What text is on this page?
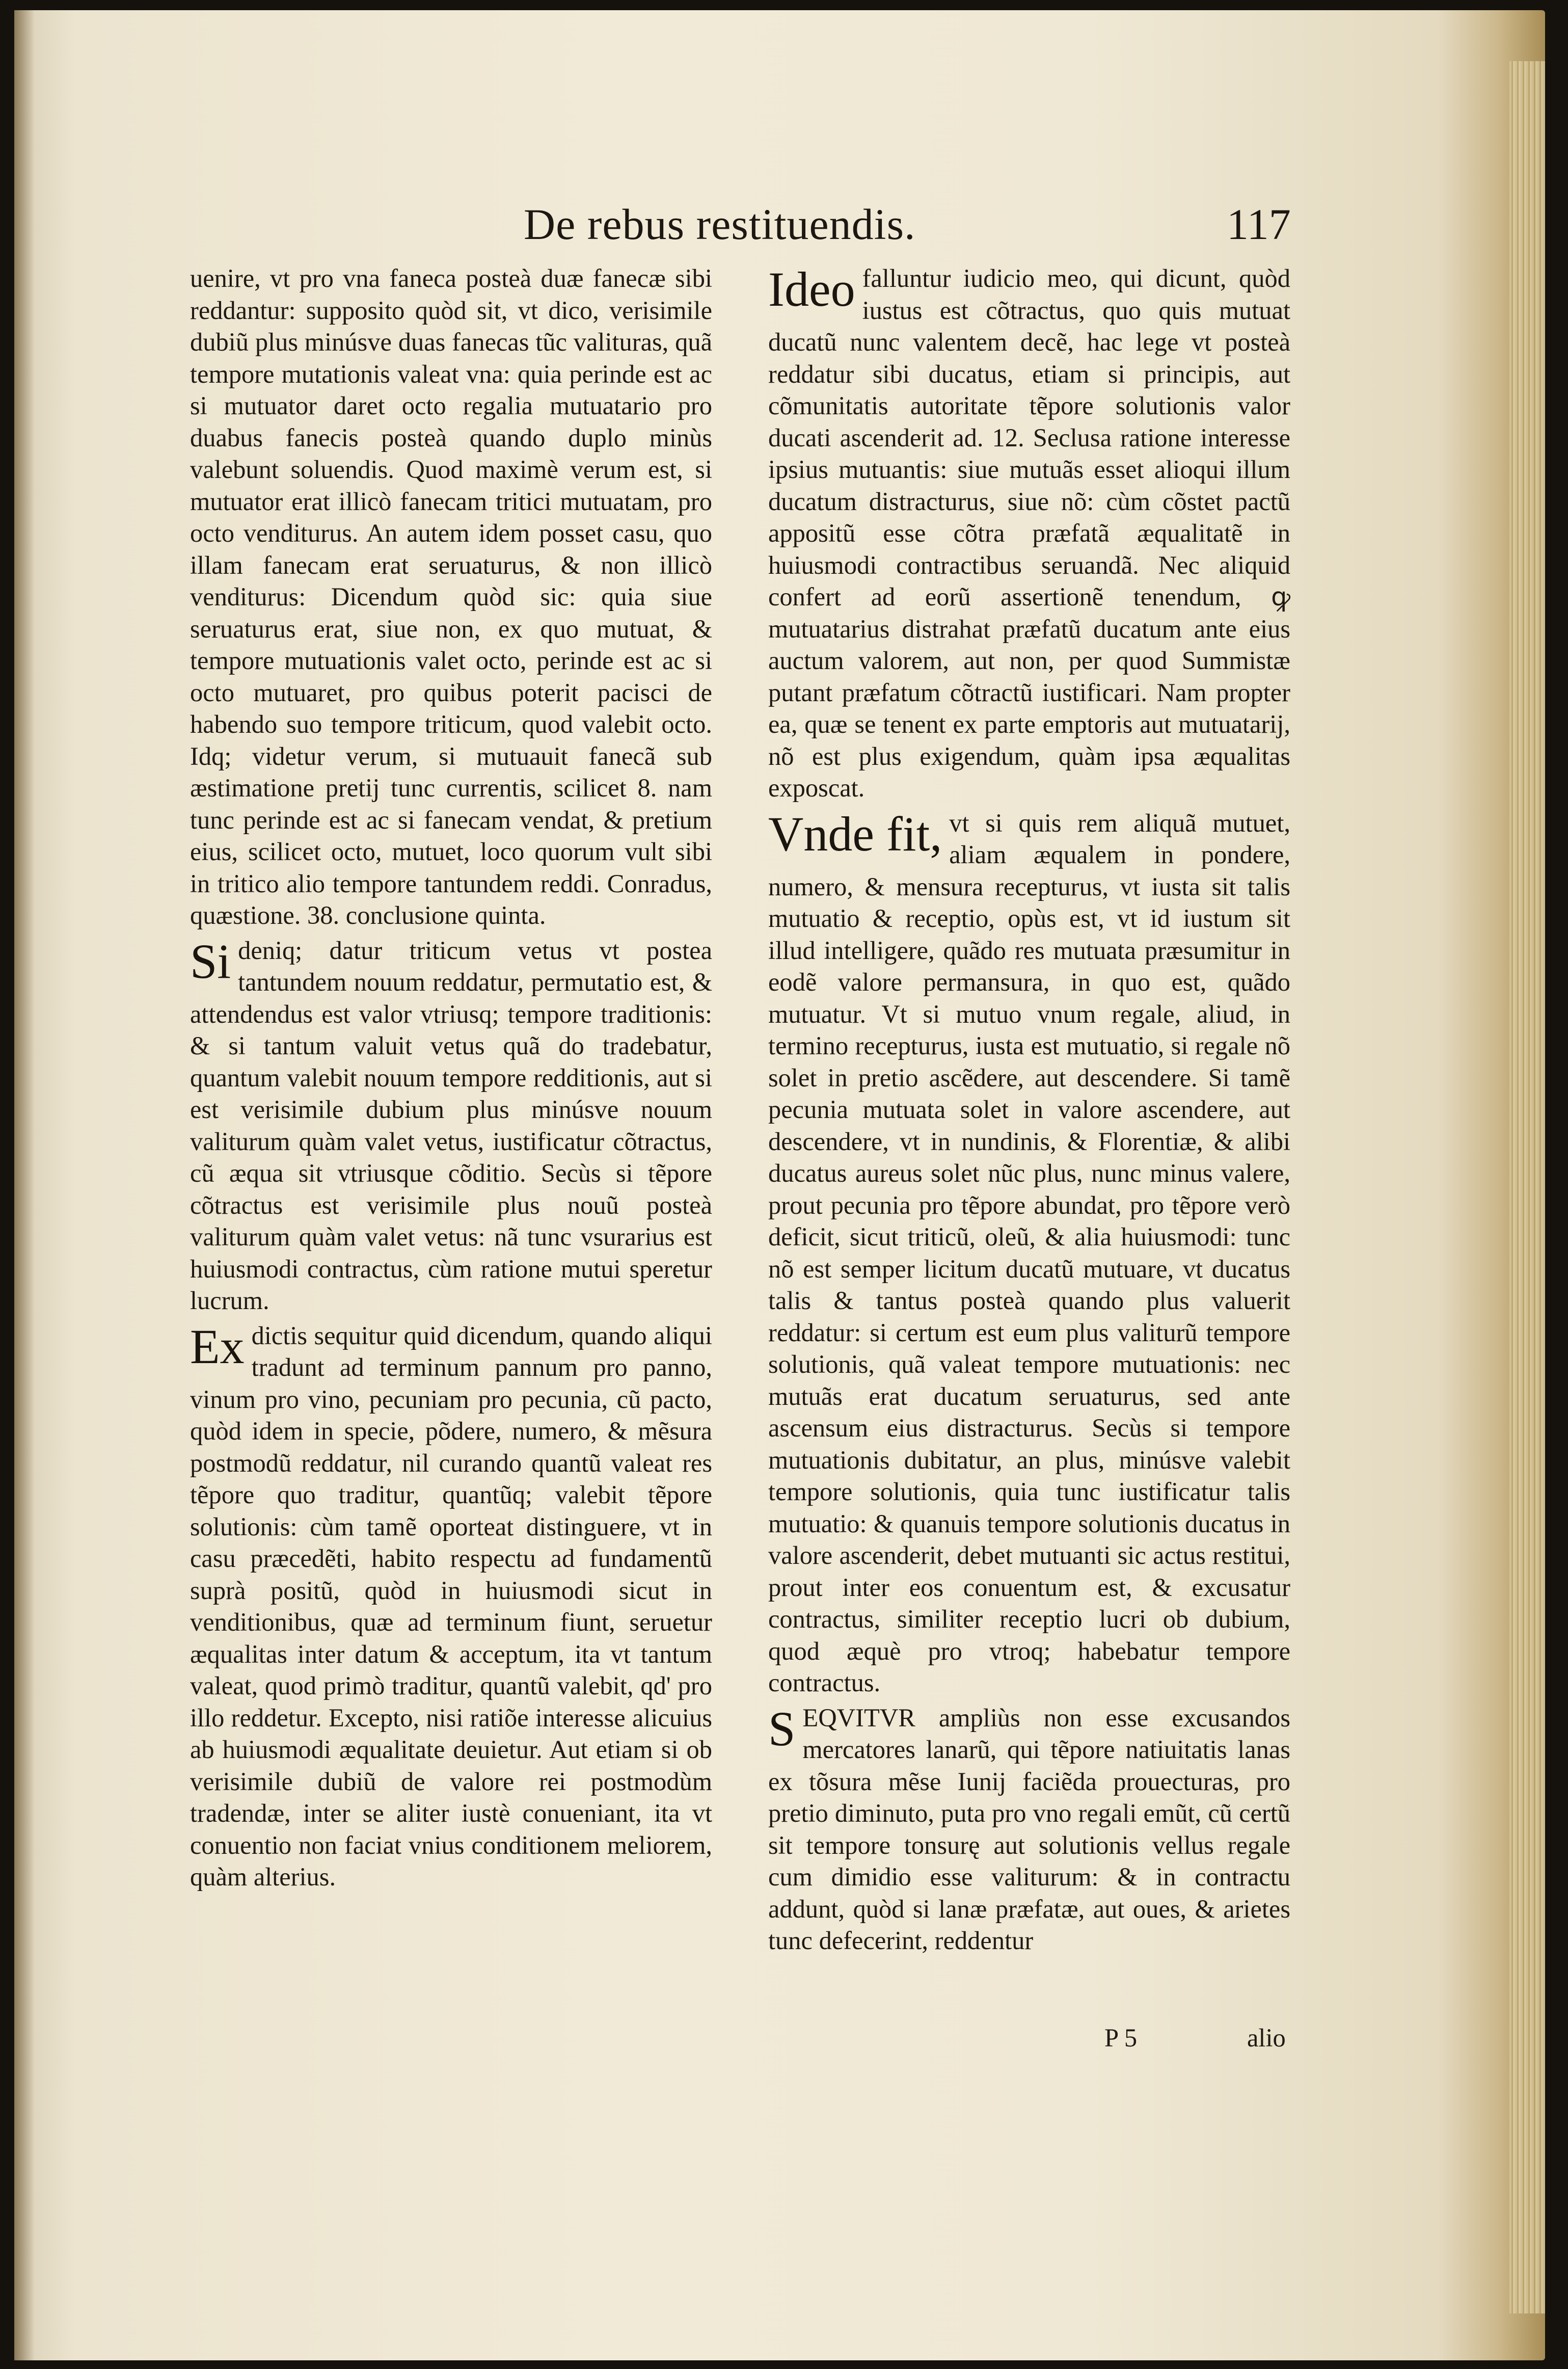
De rebus restituendis.	117

uenire, vt pro vna faneca posteà duæ fanecæ sibi reddantur: supposito quòd sit, vt dico, verisimile dubiũ plus minúsve duas fanecas tũc valituras, quã tempore mutationis valeat vna: quia perinde est ac si mutuator daret octo regalia mutuatario pro duabus fanecis posteà quando duplo minùs valebunt soluendis. Quod maximè verum est, si mutuator erat illicò fanecam tritici mutuatam, pro octo venditurus. An autem idem posset casu, quo illam fanecam erat seruaturus, & non illicò venditurus: Dicendum quòd sic: quia siue seruaturus erat, siue non, ex quo mutuat, & tempore mutuationis valet octo, perinde est ac si octo mutuaret, pro quibus poterit pacisci de habendo suo tempore triticum, quod valebit octo. Idq; videtur verum, si mutuauit fanecã sub æstimatione pretij tunc currentis, scilicet 8. nam tunc perinde est ac si fanecam vendat, & pretium eius, scilicet octo, mutuet, loco quorum vult sibi in tritico alio tempore tantundem reddi. Conradus, quæstione. 38. conclusione quinta.

Si deniq; datur triticum vetus vt postea tantundem nouum reddatur, permutatio est, & attendendus est valor vtriusq; tempore traditionis: & si tantum valuit vetus quã do tradebatur, quantum valebit nouum tempore redditionis, aut si est verisimile dubium plus minúsve nouum valiturum quàm valet vetus, iustificatur cõtractus, cũ æqua sit vtriusque cõditio. Secùs si tẽpore cõtractus est verisimile plus nouũ posteà valiturum quàm valet vetus: nã tunc vsurarius est huiusmodi contractus, cùm ratione mutui speretur lucrum.

Ex dictis sequitur quid dicendum, quando aliqui tradunt ad terminum pannum pro panno, vinum pro vino, pecuniam pro pecunia, cũ pacto, quòd idem in specie, põdere, numero, & mẽsura postmodũ reddatur, nil curando quantũ valeat res tẽpore quo traditur, quantũq; valebit tẽpore solutionis: cùm tamẽ oporteat distinguere, vt in casu præcedẽti, habito respectu ad fundamentũ suprà positũ, quòd in huiusmodi sicut in venditionibus, quæ ad terminum fiunt, seruetur æqualitas inter datum & acceptum, ita vt tantum valeat, quod primò traditur, quantũ valebit, qd' pro illo reddetur. Excepto, nisi ratiõe interesse alicuius ab huiusmodi æqualitate deuietur. Aut etiam si ob verisimile dubiũ de valore rei postmodùm tradendæ, inter se aliter iustè conueniant, ita vt conuentio non faciat vnius conditionem meliorem, quàm alterius.

Ideo falluntur iudicio meo, qui dicunt, quòd iustus est cõtractus, quo quis mutuat ducatũ nunc valentem decẽ, hac lege vt posteà reddatur sibi ducatus, etiam si principis, aut cõmunitatis autoritate tẽpore solutionis valor ducati ascenderit ad. 12. Seclusa ratione interesse ipsius mutuantis: siue mutuãs esset alioqui illum ducatum distracturus, siue nõ: cùm cõstet pactũ appositũ esse cõtra præfatã æqualitatẽ in huiusmodi contractibus seruandã. Nec aliquid confert ad eorũ assertionẽ tenendum, ꝙ mutuatarius distrahat præfatũ ducatum ante eius auctum valorem, aut non, per quod Summistæ putant præfatum cõtractũ iustificari. Nam propter ea, quæ se tenent ex parte emptoris aut mutuatarij, nõ est plus exigendum, quàm ipsa æqualitas exposcat.

Vnde fit, vt si quis rem aliquã mutuet, aliam æqualem in pondere, numero, & mensura recepturus, vt iusta sit talis mutuatio & receptio, opùs est, vt id iustum sit illud intelligere, quãdo res mutuata præsumitur in eodẽ valore permansura, in quo est, quãdo mutuatur. Vt si mutuo vnum regale, aliud, in termino recepturus, iusta est mutuatio, si regale nõ solet in pretio ascẽdere, aut descendere. Si tamẽ pecunia mutuata solet in valore ascendere, aut descendere, vt in nundinis, & Florentiæ, & alibi ducatus aureus solet nũc plus, nunc minus valere, prout pecunia pro tẽpore abundat, pro tẽpore verò deficit, sicut triticũ, oleũ, & alia huiusmodi: tunc nõ est semper licitum ducatũ mutuare, vt ducatus talis & tantus posteà quando plus valuerit reddatur: si certum est eum plus valiturũ tempore solutionis, quã valeat tempore mutuationis: nec mutuãs erat ducatum seruaturus, sed ante ascensum eius distracturus. Secùs si tempore mutuationis dubitatur, an plus, minúsve valebit tempore solutionis, quia tunc iustificatur talis mutuatio: & quanuis tempore solutionis ducatus in valore ascenderit, debet mutuanti sic actus restitui, prout inter eos conuentum est, & excusatur contractus, similiter receptio lucri ob dubium, quod æquè pro vtroq; habebatur tempore contractus.

S EQVITVR ampliùs non esse excusandos mercatores lanarũ, qui tẽpore natiuitatis lanas ex tõsura mẽse Iunij faciẽda prouecturas, pro pretio diminuto, puta pro vno regali emũt, cũ certũ sit tempore tonsurę aut solutionis vellus regale cum dimidio esse valiturum: & in contractu addunt, quòd si lanæ præfatæ, aut oues, & arietes tunc defecerint, reddentur

P 5	alio
